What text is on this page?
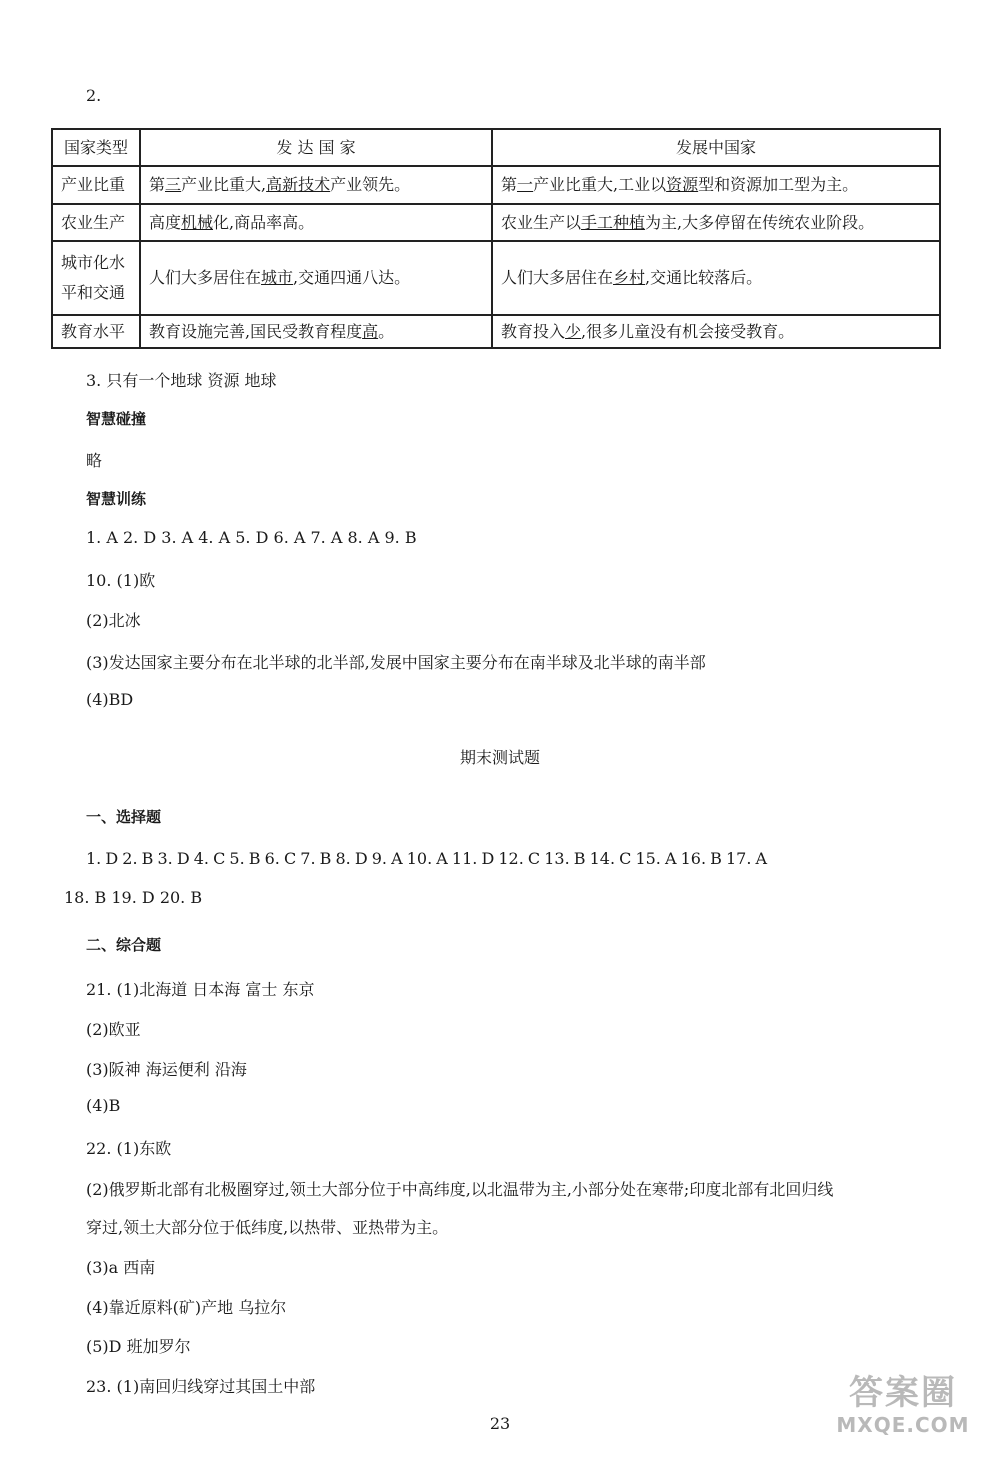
2.
国家类型	发 达 国 家	发展中国家
产业比重	第三产业比重大,高新技术产业领先。	第一产业比重大,工业以资源型和资源加工型为主。
农业生产	高度机械化,商品率高。	农业生产以手工种植为主,大多停留在传统农业阶段。

城市化水
平和交通	人们大多居住在城市,交通四通八达。	人们大多居住在乡村,交通比较落后。
教育水平	教育设施完善,国民受教育程度高。	教育投入少,很多儿童没有机会接受教育。
3. 只有一个地球 资源 地球
智慧碰撞
略
智慧训练
1. A 2. D 3. A 4. A 5. D 6. A 7. A 8. A 9. B
10. (1)欧
(2)北冰
(3)发达国家主要分布在北半球的北半部,发展中国家主要分布在南半球及北半球的南半部
(4)BD
期末测试题
一、选择题
1. D 2. B 3. D 4. C 5. B 6. C 7. B 8. D 9. A 10. A 11. D 12. C 13. B 14. C 15. A 16. B 17. A
18. B 19. D 20. B
二、综合题
21. (1)北海道 日本海 富士 东京
(2)欧亚
(3)阪神 海运便利 沿海
(4)B
22. (1)东欧
(2)俄罗斯北部有北极圈穿过,领土大部分位于中高纬度,以北温带为主,小部分处在寒带;印度北部有北回归线
穿过,领土大部分位于低纬度,以热带、亚热带为主。
(3)a 西南
(4)靠近原料(矿)产地 乌拉尔
(5)D 班加罗尔
23. (1)南回归线穿过其国土中部
23
答案圈
MXQE.COM
